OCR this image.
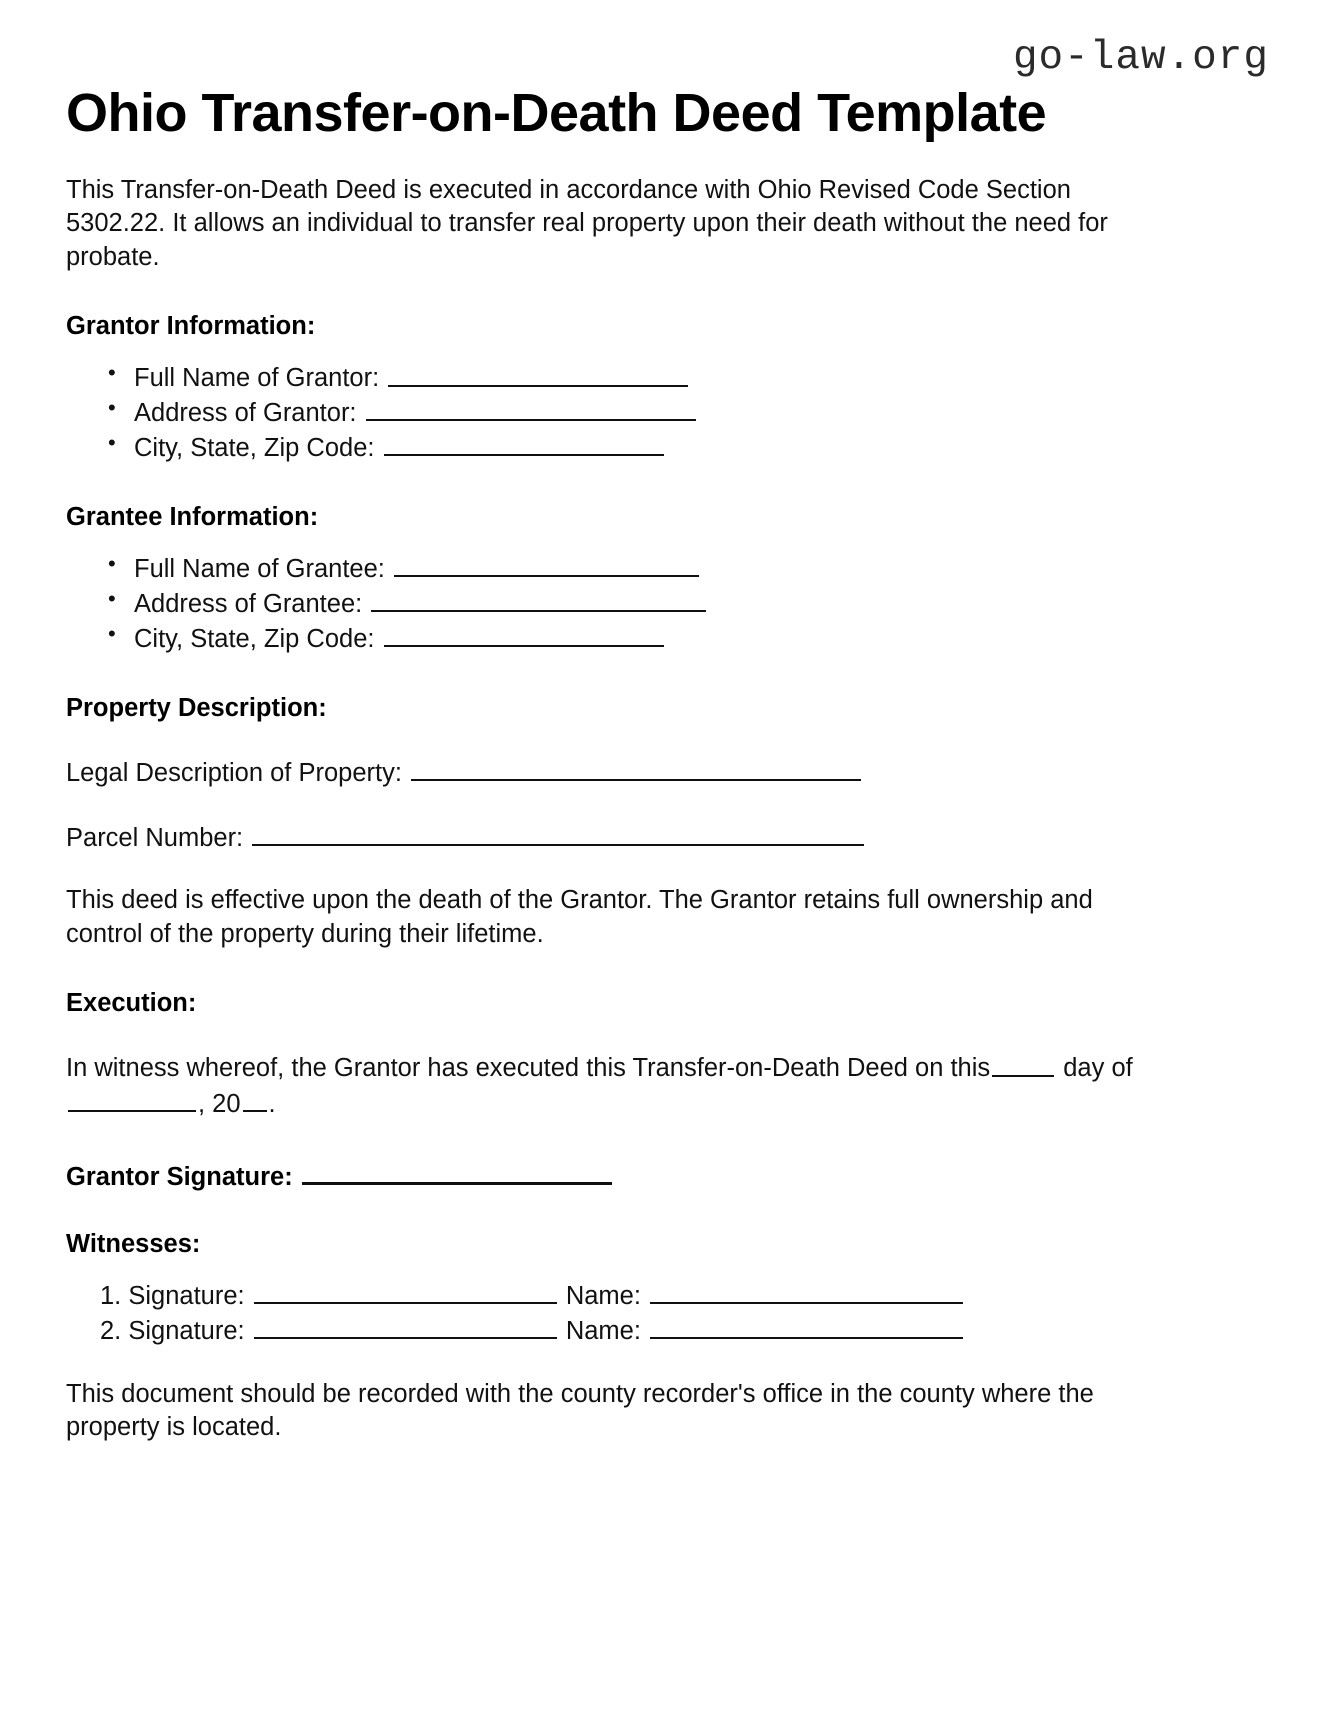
go-law.org
Ohio Transfer-on-Death Deed Template

This Transfer-on-Death Deed is executed in accordance with Ohio Revised Code Section 5302.22. It allows an individual to transfer real property upon their death without the need for probate.

Grantor Information:
• Full Name of Grantor:
• Address of Grantor:
• City, State, Zip Code:
Grantee Information:
• Full Name of Grantee:
• Address of Grantee:
• City, State, Zip Code:
Property Description:
Legal Description of Property:
Parcel Number:

This deed is effective upon the death of the Grantor. The Grantor retains full ownership and control of the property during their lifetime.

Execution:

In witness whereof, the Grantor has executed this Transfer-on-Death Deed on this	day of , 20 .

Grantor Signature:
Witnesses:
1. Signature:	Name:
2. Signature:	Name:

This document should be recorded with the county recorder's office in the county where the property is located.
